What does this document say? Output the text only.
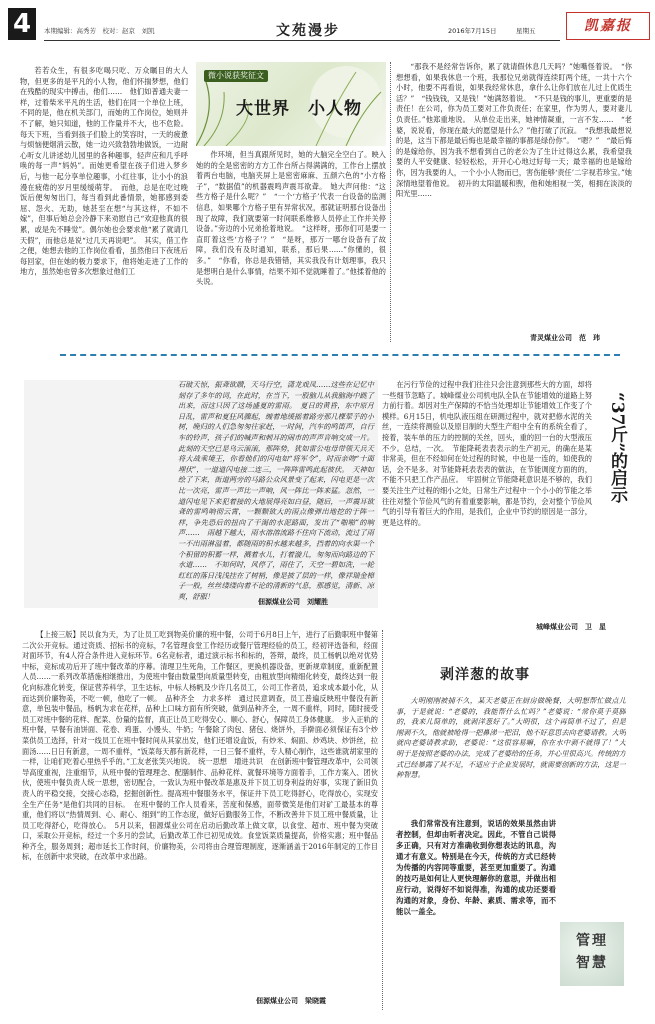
4	本期编辑：高秀芳　校对：赵京　刘凯	文苑漫步	2016年7月15日	星期五	凯嘉报

若若众生，有很多吃喝只吃、万众瞩目的大人物，但更多的是平凡的小人物，他们怀揣梦想，他们在残酷的现实中搏击，他们……　他们如普通夫妻一样，过着柴米平凡的生活，他们在同一个单位上班，不同的是，他在机关部门，而她的工作岗位，她则并不了解，她只知道，他的工作量并不大，也不危险。每天下班，当看到孩子们脸上的笑容时，一天的疲惫与烦恼便烟消云散，她一边兴致勃勃地做饭，一边耐心听女儿讲述幼儿园里的各种趣事，轻声应和几乎呼唤的每一声“妈妈”。而她更希望在孩子们进入梦乡后，与他一起分享单位趣事，小红往事，让小小的浪漫在疲倦的岁月里缓缓萌芽。　而他，总是在吃过晚饭后便匆匆出门，每当看到此番情景，她都感到委屈、怨火、无助，她甚至在想“与其这样，不如不嫁”，但事后她总会冷静下来劝慰自己“欢迎他真的很累，或是先不睡觉”。偶尔她也会要求他“累了就请几天假”，而他总是说“过几天再说吧”。　其实，借工作之便，她想去他的工作岗位看看，虽然他曰下夜班后每回家，但在她的极力要求下，他将她走进了工作的地方，虽然她也曾多次想象过他们工

微小说获奖征文
大世界　小人物

作环境，但当真跟所见时，她的大脑完全空白了。映入她的的全是密密的方方工作台所占得满满的，工作台上摆放着两台电脑，电脑夹屏上是密密麻麻、五颜六色的“小方格子”，“数据值”的机器震鸣声震耳欲聋。　她大声问他：“这些方格子是什么呢？”　“一个‘方格子’代表一台设备的监测信息，如果哪个方格子里有异常状况，那就证明那台设备出现了故障，我们就要第一时间联系维修人员停止工作并关停设备。”旁边的小兄弟抢着地说。　“这样呀，那你们可是要一直盯着这些‘方格子’？”　“是呀，那万一哪台设备有了故障，我们没有及时通知，联系，那后果……”你懂的，很多。”　“你看，你总是我错错，其实我没有计划理事，我只是想明白是什么事情，结果不知不觉就睡着了。”他揉着他的头说。

“那我不是经常告诉你，累了就请假休息几天吗？”她嘴怪着说。　“你想想看，如果我休息一个班，我那位兄弟就得连续盯两个班，一共十六个小时，他要不再看说，如果我经常休息，拿什么让你们放在儿过上优质生活？”　“钱钱钱，又是钱！”她满怒着说。　“不只是钱的事儿，更重要的是责任！在公司，你为员工要对工作负责任；在家里，作为男人，要对妻儿负责任。”他郑重地说。　从单位走出来，她神情凝重，一言不发……　“老婆，说说看，你现在最大的愿望是什么？”他打破了沉寂。　“我想我最想说的是，这当下都是最后悔也是最幸福的事都是绿份你”。　“嗯？”　“最后悔的是嫁给你，因为我不想看到自己的老公为了生计过得这么累，我希望我要的人平安健康、轻轻松松，开开心心地过好每一天；最幸福的也是嫁给你，因为我要的人，一个小小人物而已，害伤能够‘责任’二字视若珍宝。”她深情地望着他说。　初升的太阳温暖和煦，他和她相视一笑，相拥在淡淡的阳光里……

青灵煤业公司　范　玮

石破天惊，振聋欲聩，天马行空，潇龙戏凤……这些在记忆中刻存了多年的词，在此时，在当下，一股脑儿从我脑海中跳了出来，而这只因了这场盛夏的雷雨。　夏日的黄昏，东中原月日乱，雷声和夏狂风骤起，缠着地缓摇着路旁那几棵荤芋的小树，晚归的人们急匆匆往家赶，一时间，汽车的鸣笛声，自行车的铃声，孩子们的喊声和刺耳的闹市的声声音响交成一片。此刻的天空已是乌云滚滚，那阵势，犹如雷公电母带领天兵天将大战乘境王，你看他们的闪电如“将军令”，时而亲吻“十面埋伏”，一道道闪电接二连三，一阵阵雷鸣此起彼伏。　天神如绘了下来，街道两旁的马路公众风景变了起来，闪电更是一次比一次亮，雷声一声比一声响，风一阵比一阵来猛。忽然，一道闪电见下来犯着接的大地展得亮如白昼，随后，一声震耳欲聋的雷鸣响彻云霄，一颗颗欲大的雨点像弹出地挖的于阵一样，争先恐后的扭向了干渴的水泥路面，发出了“啪啪”的响声……　雨越下越大，雨水溶溶流路不住向下流动，流过了雨一不出雨淋溢着，都随雨的积水越来越多，挡着的向水渠一个个积留的积蓄一样，溅着水儿，打着漩儿，匆匆而向路边的下水道……　不知何时，风停了，雨住了，天空一碧如洗，一轮红红的落日浅浅挂在了树梢，像是披了层的一样，像祥瑞金樟子一般，丝丝缕缕向着不论的清新的气息，那感觉，清新、凉爽，舒服！

佃源煤业公司　刘耀胜

在污行节俭的过程中我们往往只会注意到那些大的方面，却将一些细节忽略了。城峰煤业公司机电队全队在节能增效的道路上努力前行着。却因对生产保障的不恰当处理却让节能增效工作变了个模样。6月15日，机电队液压组在研测过程中，就对把修水泥的关丝，一连续将测验以及原目制的大型生产组中全有的系统全看了，接着，装车单的压力的控制的关丝，回头，重的回一台的大型液压不少。总结，一次。　节能降耗表表表示的生产初元，的确在是某非常美，但在不经如何在处过程的时候，中也是一连的，如使我的话，会不是多。对节能降耗表表表的做法，在节能调度方面的的，不能不只把工作产品应。　牢固树立节能降耗意识是不够的，我们要关注生产过程的细小之处，日常生产过程中一个小小的节能之举往往对整个节俭风气的有着重要影响，都是节约，会对整个节俭风气的引导有着巨大的作用，是我们，企业中节约的原因是一部分，更是这样的。

“37斤”的启示
城峰煤业公司　卫　星

【上接三版】民以食为天，为了让员工吃到物美价廉的班中餐，公司于6月8日上午，进行了后勤职班中餐第二次公开竞标。通过资质、招标书的竞标，7名管理食堂工作经历或餐厅管理经验的员工，经初评选备和，经面对面环节，有4人符合条件进入竞标环节。6名竞标者，通过演示标书和标的，答辩，最终，员工杨帆以绝对优势中标，竞标成功后开了班中餐改革的序幕。清理卫生死角，工作餐区，更换机器设备，更新规章制度，重新配置人员……一系列改革措施相继推出，为使班中餐由数量型向质量型转变，由粗放型向精细化转变，最终达到一般化向标准化转变，保证营养科学，卫生达标，中标人杨帆及少许几名员工，公司工作者员，追求成本最小化，从而达到价廉物美，不吃一顿，他吃了一顿。　品种齐全　力求多样　通过民意调查，员工普遍反映班中餐没有新意，单包装中餐品，杨帆为求在花样，品种上口味方面有所突破，做到品种齐全，一周不重样，同时，随时接受员工对班中餐的花样、配菜、份量的监督，真正让员工吃得安心、顺心、舒心，保障员工身体健康。　步入正轨的班中餐，早餐有油饼面、花卷、鸡蛋、小馒头、牛奶；午餐除了肉包、猪包、烧饼外，手擀面必须保证有3个炒菜供员工选择，针对一线员工在班中餐时间从其家出发，他们还增设盒饭，有炒米、焖面、炒鸡块、炒饼丝，拉面汤……日日有新意，一周不重样，“饭菜每天都有新花样，一日三餐不重样，专人精心制作，这些谁就胡家里的一样，让咱们吃着心里热乎乎的。”工友老张笑兴地说。　统一思想　增进共识　在创新班中餐管理改革中，公司领导高度重视，注重细节，从班中餐的管理理念、配膳制作、品种花样、就餐环境等方面着手，工作方案入、团伙伙，使班中餐负责人统一思想，密切配合，一致认为班中餐改革是惠及并下员工切身利益的好事，实现了新旧负责人的平稳交接，交接心态稳，挖掘创新性。提高班中餐服务水平，保证井下员工吃得舒心，吃得放心，实现安全生产任务“是他们共同的目标。　在班中餐的工作人员看来，苦度和保感，面带微笑是他们对矿工最基本的尊重，他们将以“热情周到、心、耐心、细到”的工作态度，做好后勤服务工作，不断改善井下员工班中餐质量，让员工吃得舒心，吃得放心。　5月以来，佃源煤业公司在启动后勤改革上做文章，以食堂、超市、班中餐为突破口，采取公开竞标，经过一个多月的尝试，后勤改革工作已初见成效。食堂饭菜质量提高，价格实惠；班中餐品种齐全，服务周到；超市延长工作时间，价廉物美，公司将由合理管理制度，逐渐涵盖于2016年制定的工作目标，在创新中求突破，在改革中求出路。

佃源煤业公司　梁晓霞
剥洋葱的故事

大明刚刚被捕不久，某天老婆正在厨房做晚餐，大明想帮忙做点儿事，于是就说：“老婆的，我能帮什么忙吗？”老婆说：“常你莫手莫脚的，我来儿简单的，就剥洋葱好了。”大明很，这个再简单不过了，但是刚剥不久，他就被呛得一把鼻涕一把泪，他不好意思去向老婆请教。大明就向老婆请教求助，老婆说：“这很容易嘛，你在水中剥不就得了！”大明于是按照老婆的办法，完成了老婆给的任务，并心里很高兴。传统的方式已经暴露了其不足，不适应于企业发展时，就需要创新的方法，这是一种智慧。

我们常常没有注意到，说话的效果虽然由讲者控制，但却由听者决定。因此，不管自己说得多正确，只有对方准确收到你想表达的讯息，沟通才有意义。特别是在今天，传统的方式已经转为传播的内容同等重要，甚至更加重要了。沟通的技巧是如何让人更快理解你的意思，并做出相应行动，说得好不如说得准，沟通的成功还要看沟通的对象，身份、年龄、素质、需求等，而不能以一盖全。

管理智慧
